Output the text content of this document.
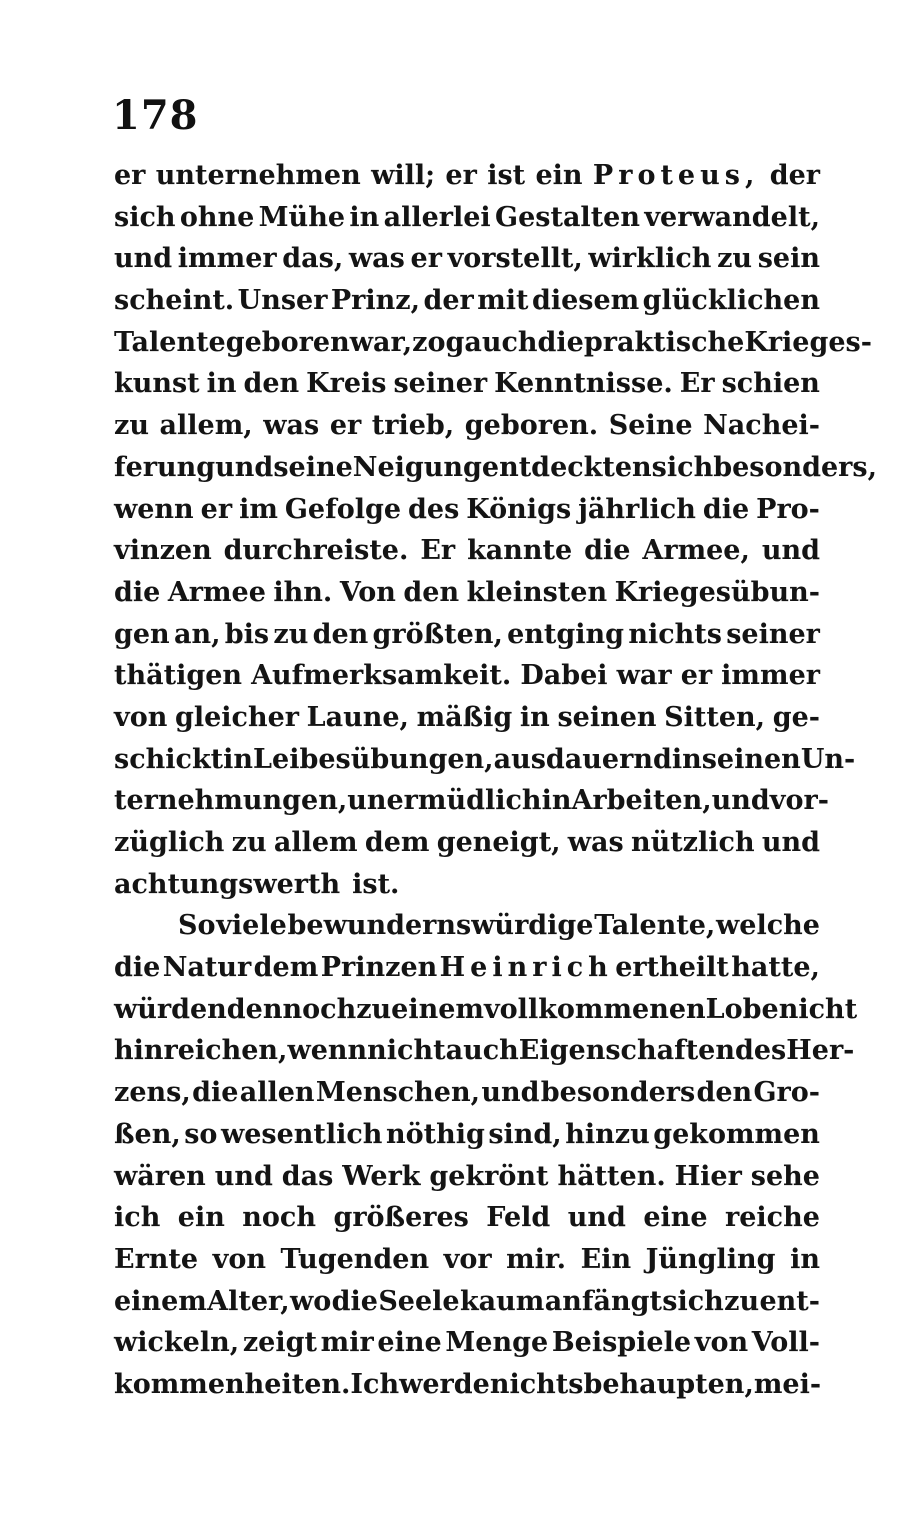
178
er unternehmen will; er ist ein Proteus, der
sich ohne Mühe in allerlei Gestalten verwandelt,
und immer das, was er vorstellt, wirklich zu sein
scheint. Unser Prinz, der mit diesem glücklichen
Talente geboren war, zog auch die praktische Krieges-
kunst in den Kreis seiner Kenntnisse. Er schien
zu allem, was er trieb, geboren. Seine Nachei-
ferung und seine Neigung entdeckten sich besonders,
wenn er im Gefolge des Königs jährlich die Pro-
vinzen durchreiste. Er kannte die Armee, und
die Armee ihn. Von den kleinsten Kriegesübun-
gen an, bis zu den größten, entging nichts seiner
thätigen Aufmerksamkeit. Dabei war er immer
von gleicher Laune, mäßig in seinen Sitten, ge-
schickt in Leibesübungen, ausdauernd in seinen Un-
ternehmungen, unermüdlich in Arbeiten, und vor-
züglich zu allem dem geneigt, was nützlich und
achtungswerth ist.
So viele bewundernswürdige Talente, welche
die Natur dem Prinzen Heinrich ertheilt hatte,
würden dennoch zu einem vollkommenen Lobe nicht
hinreichen, wenn nicht auch Eigenschaften des Her-
zens, die allen Menschen, und besonders den Gro-
ßen, so wesentlich nöthig sind, hinzu gekommen
wären und das Werk gekrönt hätten. Hier sehe
ich ein noch größeres Feld und eine reiche
Ernte von Tugenden vor mir. Ein Jüngling in
einem Alter, wo die Seele kaum anfängt sich zu ent-
wickeln, zeigt mir eine Menge Beispiele von Voll-
kommenheiten. Ich werde nichts behaupten, mei-
